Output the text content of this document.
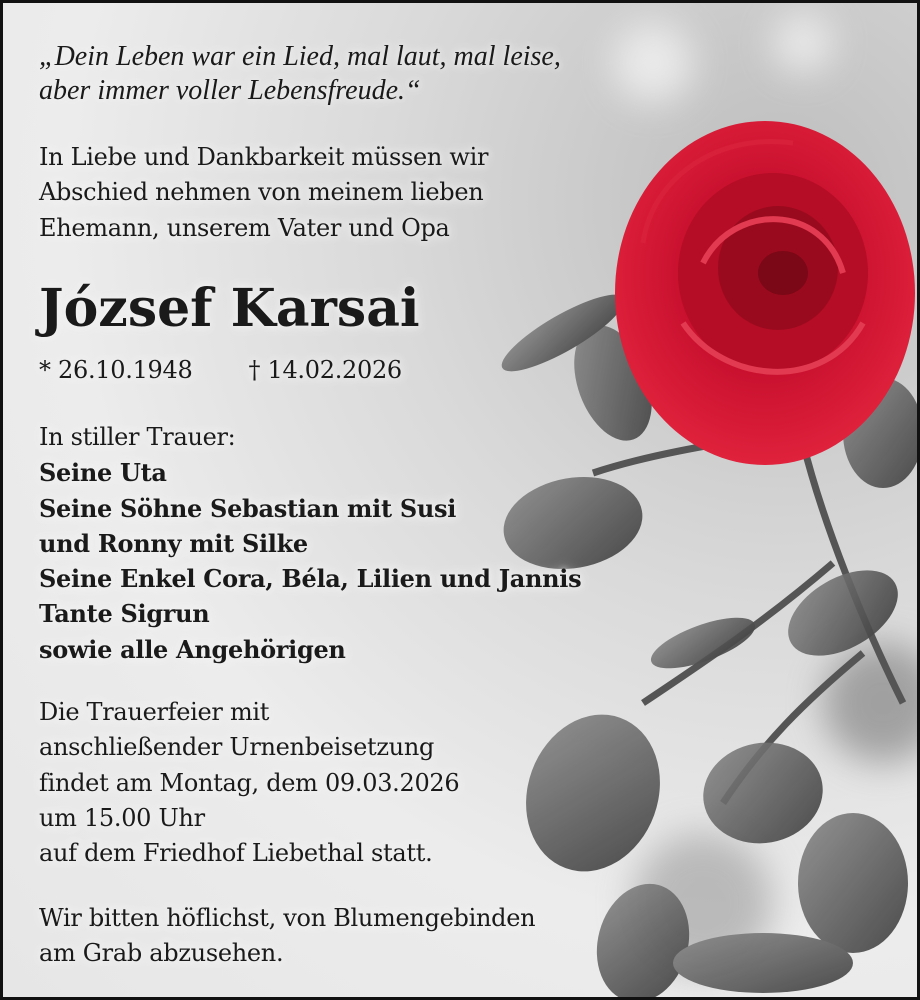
„Dein Leben war ein Lied, mal laut, mal leise,
aber immer voller Lebensfreude.“
In Liebe und Dankbarkeit müssen wir
Abschied nehmen von meinem lieben
Ehemann, unserem Vater und Opa
József Karsai
* 26.10.1948 † 14.02.2026
In stiller Trauer:
Seine Uta
Seine Söhne Sebastian mit Susi
und Ronny mit Silke
Seine Enkel Cora, Béla, Lilien und Jannis
Tante Sigrun
sowie alle Angehörigen
Die Trauerfeier mit
anschließender Urnenbeisetzung
findet am Montag, dem 09.03.2026
um 15.00 Uhr
auf dem Friedhof Liebethal statt.
Wir bitten höflichst, von Blumengebinden
am Grab abzusehen.
